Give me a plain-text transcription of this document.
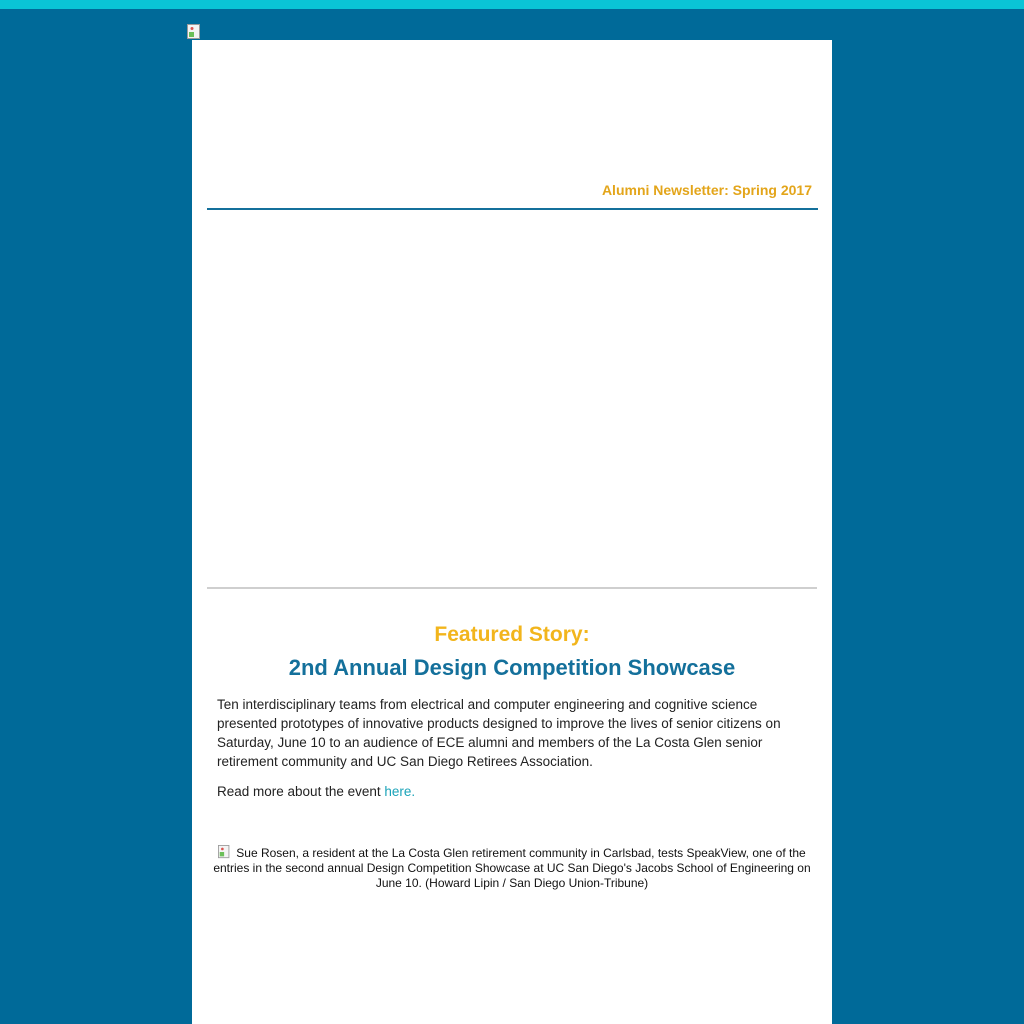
Alumni Newsletter: Spring 2017
Featured Story:
2nd Annual Design Competition Showcase

Ten interdisciplinary teams from electrical and computer engineering and cognitive science presented prototypes of innovative products designed to improve the lives of senior citizens on Saturday, June 10 to an audience of ECE alumni and members of the La Costa Glen senior retirement community and UC San Diego Retirees Association.

Read more about the event here.

Sue Rosen, a resident at the La Costa Glen retirement community in Carlsbad, tests SpeakView, one of the entries in the second annual Design Competition Showcase at UC San Diego's Jacobs School of Engineering on June 10. (Howard Lipin / San Diego Union-Tribune)
